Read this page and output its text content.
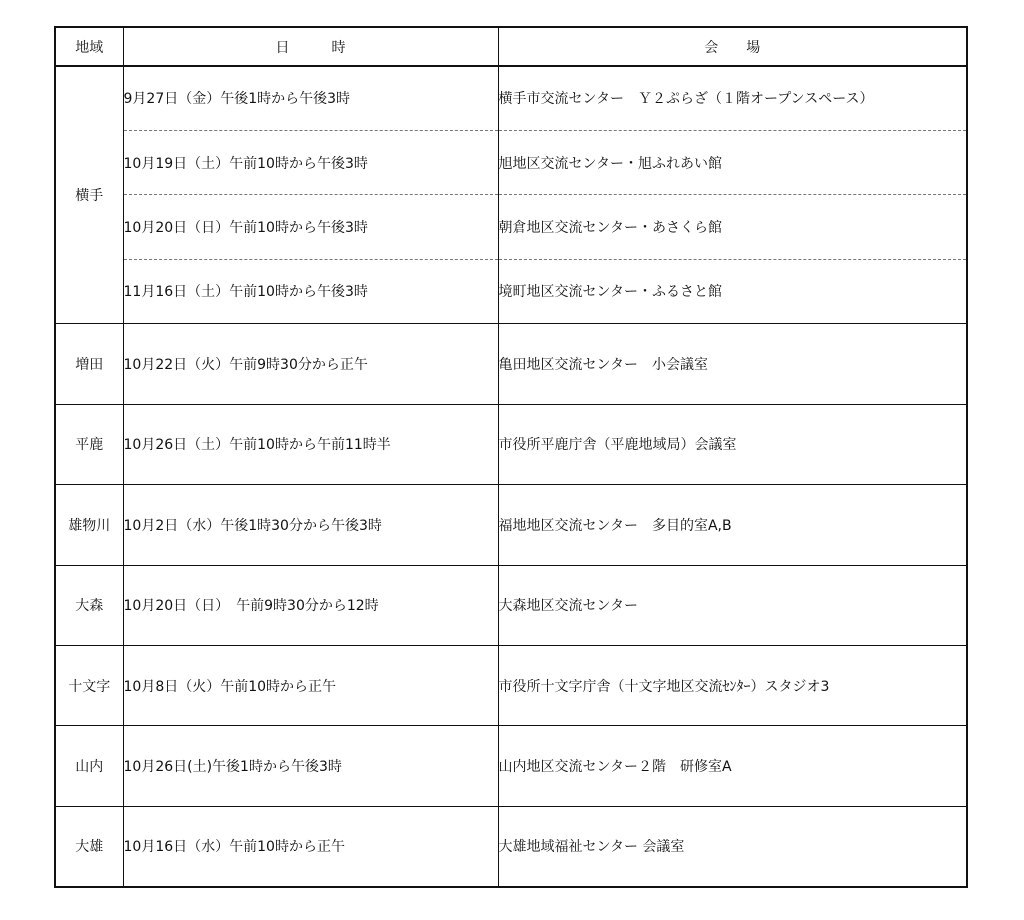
地域	日　　　時	会　　場
横手	9月27日（金）午後1時から午後3時	横手市交流センター　Ｙ２ぷらざ（１階オープンスペース）
	10月19日（土）午前10時から午後3時	旭地区交流センター・旭ふれあい館
	10月20日（日）午前10時から午後3時	朝倉地区交流センター・あさくら館
	11月16日（土）午前10時から午後3時	境町地区交流センター・ふるさと館
増田	10月22日（火）午前9時30分から正午	亀田地区交流センター　小会議室
平鹿	10月26日（土）午前10時から午前11時半	市役所平鹿庁舎（平鹿地域局）会議室
雄物川	10月2日（水）午後1時30分から午後3時	福地地区交流センター　多目的室A,B
大森	10月20日（日）　午前9時30分から12時	大森地区交流センター
十文字	10月8日（火）午前10時から正午	市役所十文字庁舎（十文字地区交流ｾﾝﾀｰ）スタジオ3
山内	10月26日(土)午後1時から午後3時	山内地区交流センター２階　研修室A
大雄	10月16日（水）午前10時から正午	大雄地域福祉センター 会議室
